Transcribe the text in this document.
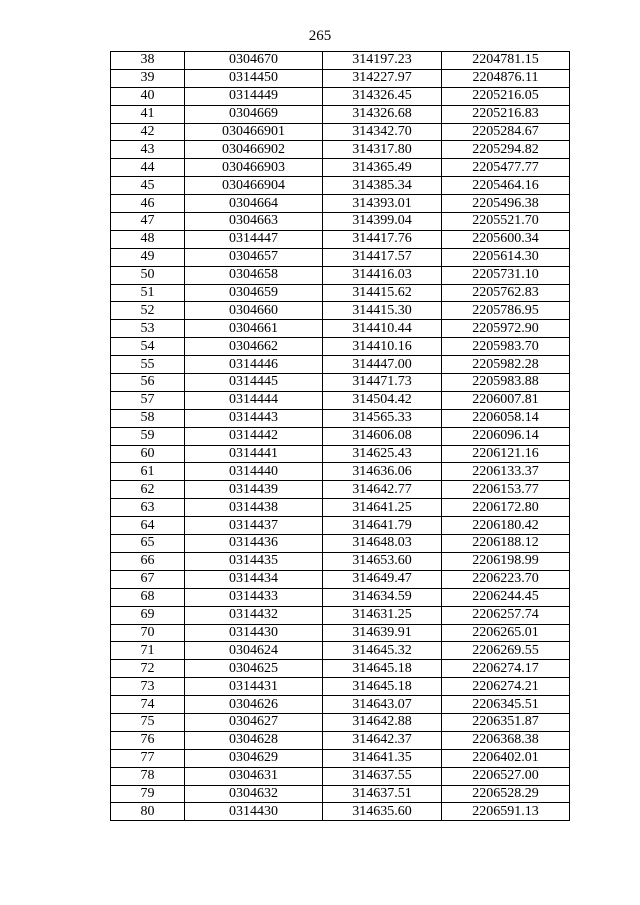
265
38	0304670	314197.23	2204781.15
39	0314450	314227.97	2204876.11
40	0314449	314326.45	2205216.05
41	0304669	314326.68	2205216.83
42	030466901	314342.70	2205284.67
43	030466902	314317.80	2205294.82
44	030466903	314365.49	2205477.77
45	030466904	314385.34	2205464.16
46	0304664	314393.01	2205496.38
47	0304663	314399.04	2205521.70
48	0314447	314417.76	2205600.34
49	0304657	314417.57	2205614.30
50	0304658	314416.03	2205731.10
51	0304659	314415.62	2205762.83
52	0304660	314415.30	2205786.95
53	0304661	314410.44	2205972.90
54	0304662	314410.16	2205983.70
55	0314446	314447.00	2205982.28
56	0314445	314471.73	2205983.88
57	0314444	314504.42	2206007.81
58	0314443	314565.33	2206058.14
59	0314442	314606.08	2206096.14
60	0314441	314625.43	2206121.16
61	0314440	314636.06	2206133.37
62	0314439	314642.77	2206153.77
63	0314438	314641.25	2206172.80
64	0314437	314641.79	2206180.42
65	0314436	314648.03	2206188.12
66	0314435	314653.60	2206198.99
67	0314434	314649.47	2206223.70
68	0314433	314634.59	2206244.45
69	0314432	314631.25	2206257.74
70	0314430	314639.91	2206265.01
71	0304624	314645.32	2206269.55
72	0304625	314645.18	2206274.17
73	0314431	314645.18	2206274.21
74	0304626	314643.07	2206345.51
75	0304627	314642.88	2206351.87
76	0304628	314642.37	2206368.38
77	0304629	314641.35	2206402.01
78	0304631	314637.55	2206527.00
79	0304632	314637.51	2206528.29
80	0314430	314635.60	2206591.13
